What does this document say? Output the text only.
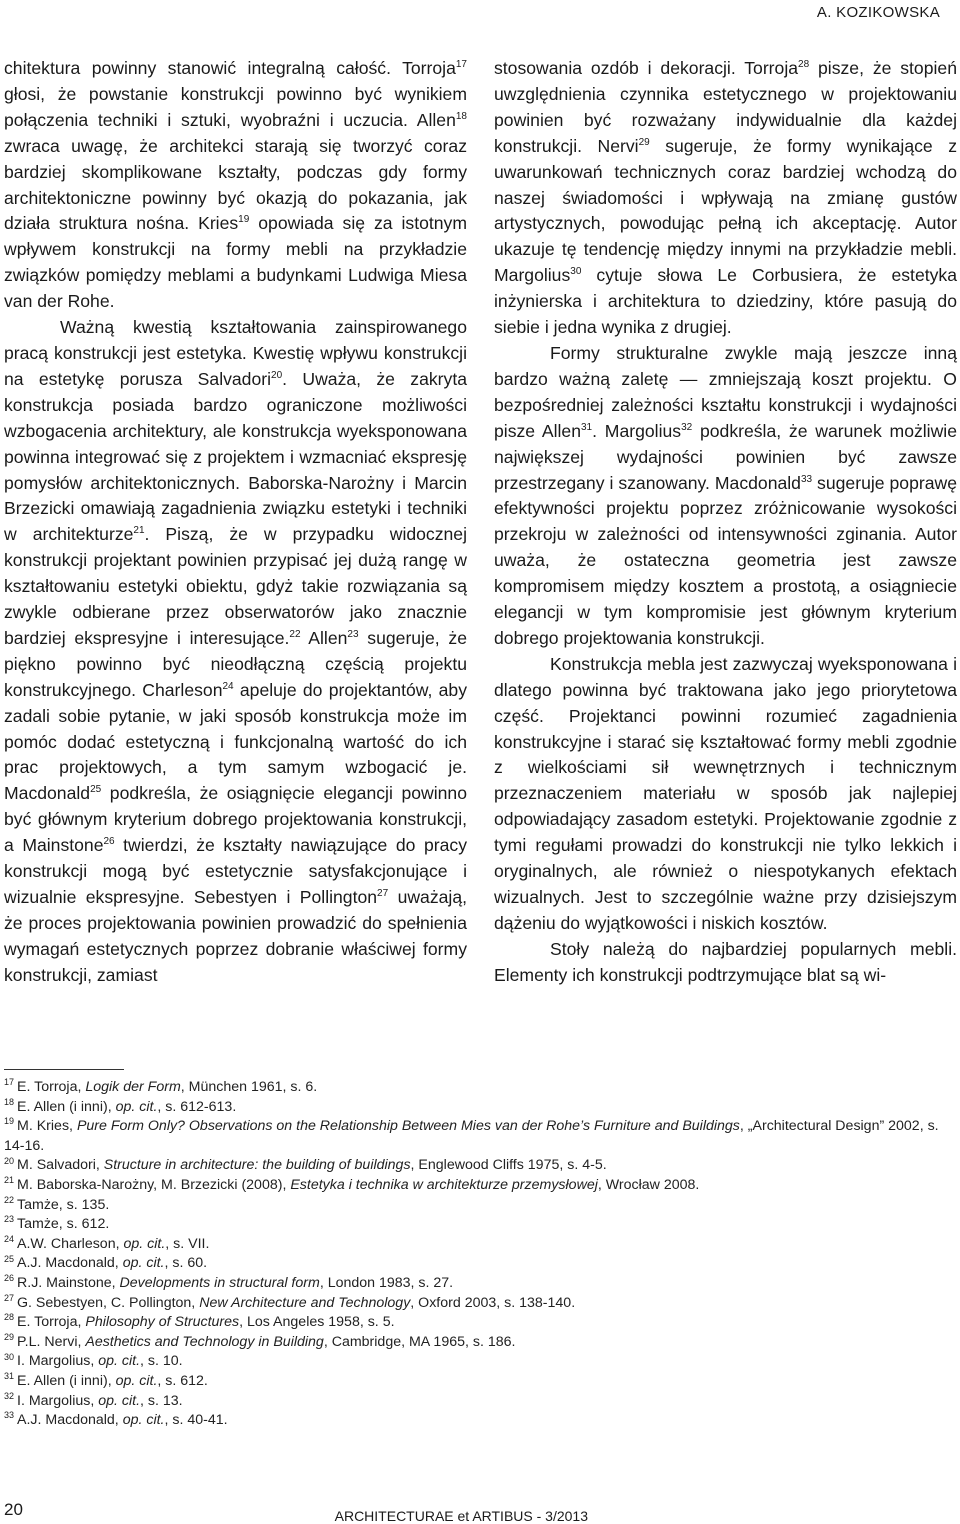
A. KOZIKOWSKA

chitektura powinny stanowić integralną całość. Torroja$^{17}$ głosi, że powstanie konstrukcji powinno być wynikiem połączenia techniki i sztuki, wyobraźni i uczucia. Allen$^{18}$ zwraca uwagę, że architekci starają się tworzyć coraz bardziej skomplikowane kształty, podczas gdy formy architektoniczne powinny być okazją do pokazania, jak działa struktura nośna. Kries$^{19}$ opowiada się za istotnym wpływem konstrukcji na formy mebli na przykładzie związków pomiędzy meblami a budynkami Ludwiga Miesa van der Rohe.

Ważną kwestią kształtowania zainspirowanego pracą konstrukcji jest estetyka. Kwestię wpływu konstrukcji na estetykę porusza Salvadori$^{20}$. Uważa, że zakryta konstrukcja posiada bardzo ograniczone możliwości wzbogacenia architektury, ale konstrukcja wyeksponowana powinna integrować się z projektem i wzmacniać ekspresję pomysłów architektonicznych. Baborska-Narożny i Marcin Brzezicki omawiają zagadnienia związku estetyki i techniki w architekturze$^{21}$. Piszą, że w przypadku widocznej konstrukcji projektant powinien przypisać jej dużą rangę w kształtowaniu estetyki obiektu, gdyż takie rozwiązania są zwykle odbierane przez obserwatorów jako znacznie bardziej ekspresyjne i interesujące.$^{22}$ Allen$^{23}$ sugeruje, że piękno powinno być nieodłączną częścią projektu konstrukcyjnego. Charleson$^{24}$ apeluje do projektantów, aby zadali sobie pytanie, w jaki sposób konstrukcja może im pomóc dodać estetyczną i funkcjonalną wartość do ich prac projektowych, a tym samym wzbogacić je. Macdonald$^{25}$ podkreśla, że osiągnięcie elegancji powinno być głównym kryterium dobrego projektowania konstrukcji, a Mainstone$^{26}$ twierdzi, że kształty nawiązujące do pracy konstrukcji mogą być estetycznie satysfakcjonujące i wizualnie ekspresyjne. Sebestyen i Pollington$^{27}$ uważają, że proces projektowania powinien prowadzić do spełnienia wymagań estetycznych poprzez dobranie właściwej formy konstrukcji, zamiast

stosowania ozdób i dekoracji. Torroja$^{28}$ pisze, że stopień uwzględnienia czynnika estetycznego w projektowaniu powinien być rozważany indywidualnie dla każdej konstrukcji. Nervi$^{29}$ sugeruje, że formy wynikające z uwarunkowań technicznych coraz bardziej wchodzą do naszej świadomości i wpływają na zmianę gustów artystycznych, powodując pełną ich akceptację. Autor ukazuje tę tendencję między innymi na przykładzie mebli. Margolius$^{30}$ cytuje słowa Le Corbusiera, że estetyka inżynierska i architektura to dziedziny, które pasują do siebie i jedna wynika z drugiej.

Formy strukturalne zwykle mają jeszcze inną bardzo ważną zaletę — zmniejszają koszt projektu. O bezpośredniej zależności kształtu konstrukcji i wydajności pisze Allen$^{31}$. Margolius$^{32}$ podkreśla, że warunek możliwie największej wydajności powinien być zawsze przestrzegany i szanowany. Macdonald$^{33}$ sugeruje poprawę efektywności projektu poprzez zróżnicowanie wysokości przekroju w zależności od intensywności zginania. Autor uważa, że ostateczna geometria jest zawsze kompromisem między kosztem a prostotą, a osiągniecie elegancji w tym kompromisie jest głównym kryterium dobrego projektowania konstrukcji.

Konstrukcja mebla jest zazwyczaj wyeksponowana i dlatego powinna być traktowana jako jego priorytetowa część. Projektanci powinni rozumieć zagadnienia konstrukcyjne i starać się kształtować formy mebli zgodnie z wielkościami sił wewnętrznych i technicznym przeznaczeniem materiału w sposób jak najlepiej odpowiadający zasadom estetyki. Projektowanie zgodnie z tymi regułami prowadzi do konstrukcji nie tylko lekkich i oryginalnych, ale również o niespotykanych efektach wizualnych. Jest to szczególnie ważne przy dzisiejszym dążeniu do wyjątkowości i niskich kosztów.

Stoły należą do najbardziej popularnych mebli. Elementy ich konstrukcji podtrzymujące blat są wi-

$^{17}$ E. Torroja, Logik der Form, München 1961, s. 6.
$^{18}$ E. Allen (i inni), op. cit., s. 612-613.
$^{19}$ M. Kries, Pure Form Only? Observations on the Relationship Between Mies van der Rohe’s Furniture and Buildings, „Architectural Design” 2002, s. 14-16.
$^{20}$ M. Salvadori, Structure in architecture: the building of buildings, Englewood Cliffs 1975, s. 4-5.
$^{21}$ M. Baborska-Narożny, M. Brzezicki (2008), Estetyka i technika w architekturze przemysłowej, Wrocław 2008.
$^{22}$ Tamże, s. 135.
$^{23}$ Tamże, s. 612.
$^{24}$ A.W. Charleson, op. cit., s. VII.
$^{25}$ A.J. Macdonald, op. cit., s. 60.
$^{26}$ R.J. Mainstone, Developments in structural form, London 1983, s. 27.
$^{27}$ G. Sebestyen, C. Pollington, New Architecture and Technology, Oxford 2003, s. 138-140.
$^{28}$ E. Torroja, Philosophy of Structures, Los Angeles 1958, s. 5.
$^{29}$ P.L. Nervi, Aesthetics and Technology in Building, Cambridge, MA 1965, s. 186.
$^{30}$ I. Margolius, op. cit., s. 10.
$^{31}$ E. Allen (i inni), op. cit., s. 612.
$^{32}$ I. Margolius, op. cit., s. 13.
$^{33}$ A.J. Macdonald, op. cit., s. 40-41.
20	ARCHITECTURAE et ARTIBUS - 3/2013
